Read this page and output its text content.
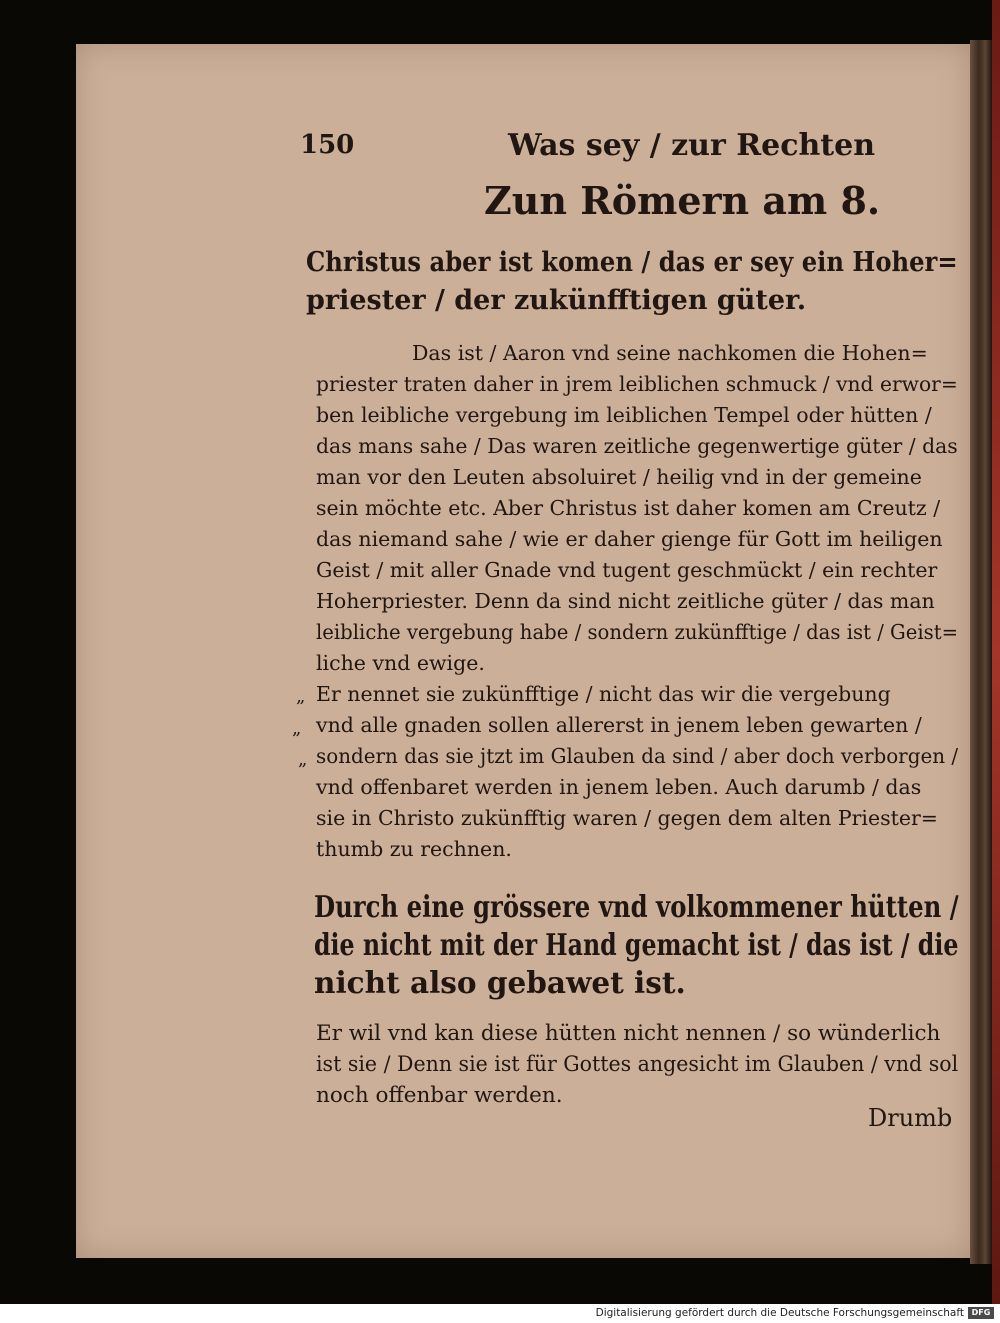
150	Was sey / zur Rechten
Zun Römern am 8.
Christus aber ist komen / das er sey ein Hoher=
priester / der zukünfftigen güter.
Das ist / Aaron vnd seine nachkomen die Hohen=
priester traten daher in jrem leiblichen schmuck / vnd erwor=
ben leibliche vergebung im leiblichen Tempel oder hütten /
das mans sahe / Das waren zeitliche gegenwertige güter / das
man vor den Leuten absoluiret / heilig vnd in der gemeine
sein möchte etc. Aber Christus ist daher komen am Creutz /
das niemand sahe / wie er daher gienge für Gott im heiligen
Geist / mit aller Gnade vnd tugent geschmückt / ein rechter
Hoherpriester. Denn da sind nicht zeitliche güter / das man
leibliche vergebung habe / sondern zukünfftige / das ist / Geist=
liche vnd ewige.
„
„
„
Er nennet sie zukünfftige / nicht das wir die vergebung
vnd alle gnaden sollen allererst in jenem leben gewarten /
sondern das sie jtzt im Glauben da sind / aber doch verborgen /
vnd offenbaret werden in jenem leben. Auch darumb / das
sie in Christo zukünfftig waren / gegen dem alten Priester=
thumb zu rechnen.
Durch eine grössere vnd volkommener hütten /
die nicht mit der Hand gemacht ist / das ist / die
nicht also gebawet ist.
Er wil vnd kan diese hütten nicht nennen / so wünderlich
ist sie / Denn sie ist für Gottes angesicht im Glauben / vnd sol
noch offenbar werden.
Drumb
Digitalisierung gefördert durch die Deutsche Forschungsgemeinschaft DFG
